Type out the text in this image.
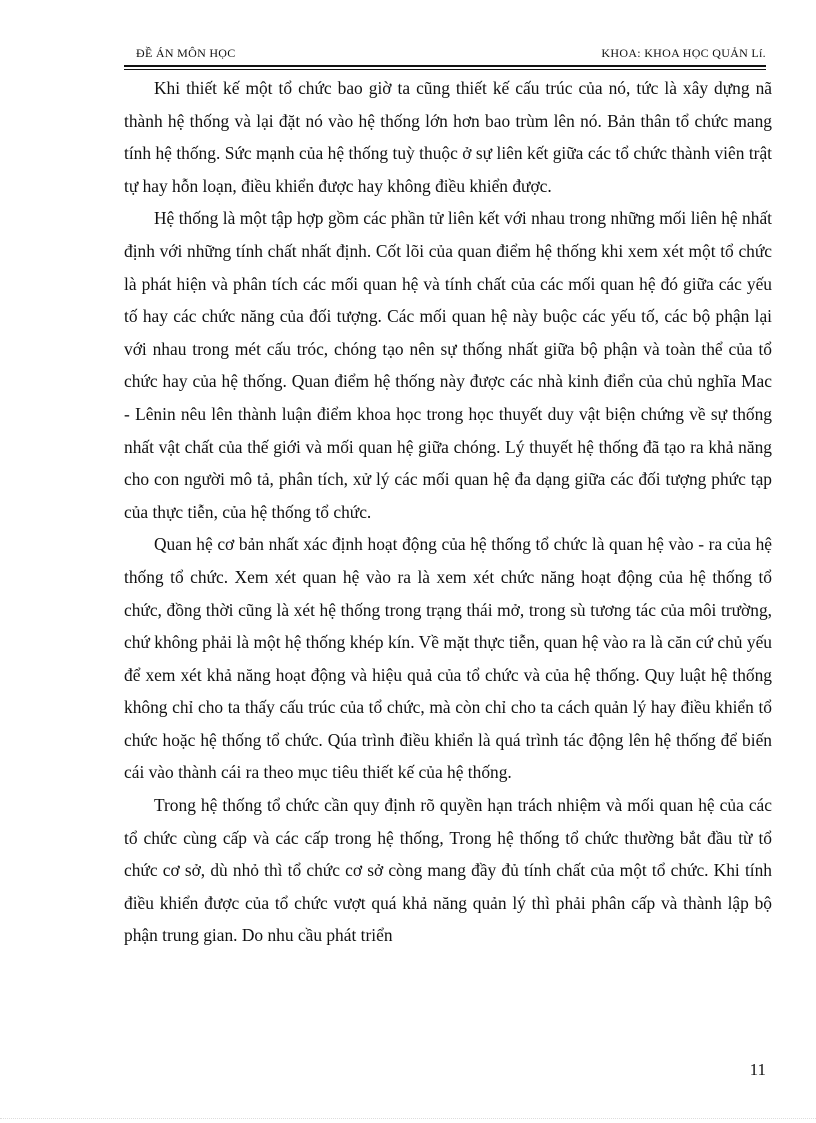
ĐỀ ÁN MÔN HỌC	KHOA: KHOA HỌC QUẢN Lí.

Khi thiết kế một tổ chức bao giờ ta cũng thiết kế cấu trúc của nó, tức là xây dựng nã thành hệ thống và lại đặt nó vào hệ thống lớn hơn bao trùm lên nó. Bản thân tổ chức mang tính hệ thống. Sức mạnh của hệ thống tuỳ thuộc ở sự liên kết giữa các tổ chức thành viên trật tự hay hỗn loạn, điều khiển được hay không điều khiển được.

Hệ thống là một tập hợp gồm các phần tử liên kết với nhau trong những mối liên hệ nhất định với những tính chất nhất định. Cốt lõi của quan điểm hệ thống khi xem xét một tổ chức là phát hiện và phân tích các mối quan hệ và tính chất của các mối quan hệ đó giữa các yếu tố hay các chức năng của đối tượng. Các mối quan hệ này buộc các yếu tố, các bộ phận lại với nhau trong mét cấu tróc, chóng tạo nên sự thống nhất giữa bộ phận và toàn thể của tổ chức hay của hệ thống. Quan điểm hệ thống này được các nhà kinh điển của chủ nghĩa Mac - Lênin nêu lên thành luận điểm khoa học trong học thuyết duy vật biện chứng về sự thống nhất vật chất của thế giới và mối quan hệ giữa chóng. Lý thuyết hệ thống đã tạo ra khả năng cho con người mô tả, phân tích, xử lý các mối quan hệ đa dạng giữa các đối tượng phức tạp của thực tiễn, của hệ thống tổ chức.

Quan hệ cơ bản nhất xác định hoạt động của hệ thống tổ chức là quan hệ vào - ra của hệ thống tổ chức. Xem xét quan hệ vào ra là xem xét chức năng hoạt động của hệ thống tổ chức, đồng thời cũng là xét hệ thống trong trạng thái mở, trong sù tương tác của môi trường, chứ không phải là một hệ thống khép kín. Về mặt thực tiễn, quan hệ vào ra là căn cứ chủ yếu để xem xét khả năng hoạt động và hiệu quả của tổ chức và của hệ thống. Quy luật hệ thống không chỉ cho ta thấy cấu trúc của tổ chức, mà còn chỉ cho ta cách quản lý hay điều khiển tổ chức hoặc hệ thống tổ chức. Qúa trình điều khiển là quá trình tác động lên hệ thống để biến cái vào thành cái ra theo mục tiêu thiết kế của hệ thống.

Trong hệ thống tổ chức cần quy định rõ quyền hạn trách nhiệm và mối quan hệ của các tổ chức cùng cấp và các cấp trong hệ thống, Trong hệ thống tổ chức thường bắt đầu từ tổ chức cơ sở, dù nhỏ thì tổ chức cơ sở còng mang đầy đủ tính chất của một tổ chức. Khi tính điều khiển được của tổ chức vượt quá khả năng quản lý thì phải phân cấp và thành lập bộ phận trung gian. Do nhu cầu phát triển

11
